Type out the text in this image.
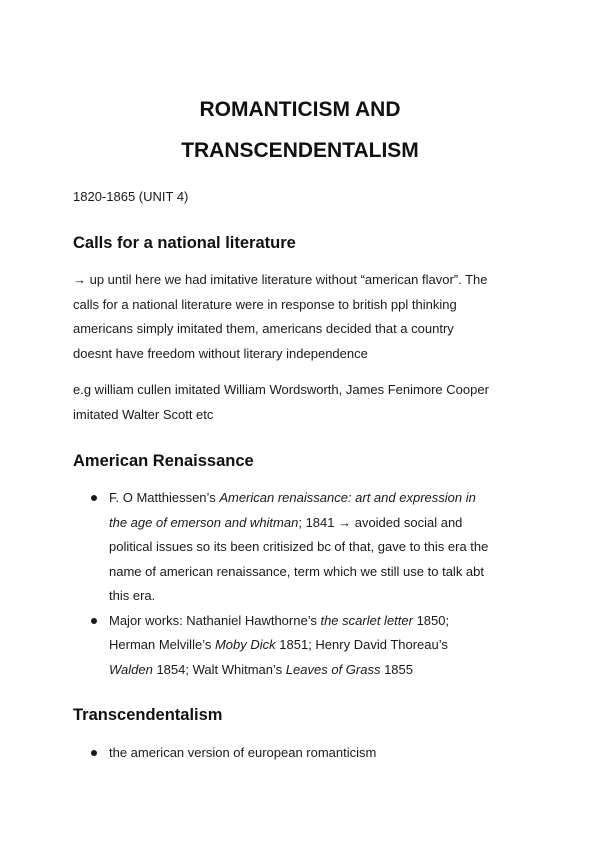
ROMANTICISM AND
TRANSCENDENTALISM

1820-1865 (UNIT 4)

Calls for a national literature
→ up until here we had imitative literature without “american flavor”. The
calls for a national literature were in response to british ppl thinking
americans simply imitated them, americans decided that a country
doesnt have freedom without literary independence
e.g william cullen imitated William Wordsworth, James Fenimore Cooper
imitated Walter Scott etc
American Renaissance
F. O Matthiessen’s American renaissance: art and expression in
the age of emerson and whitman; 1841 → avoided social and
political issues so its been critisized bc of that, gave to this era the
name of american renaissance, term which we still use to talk abt
this era.
Major works: Nathaniel Hawthorne’s the scarlet letter 1850;
Herman Melville’s Moby Dick 1851; Henry David Thoreau’s
Walden 1854; Walt Whitman’s Leaves of Grass 1855
Transcendentalism
the american version of european romanticism
